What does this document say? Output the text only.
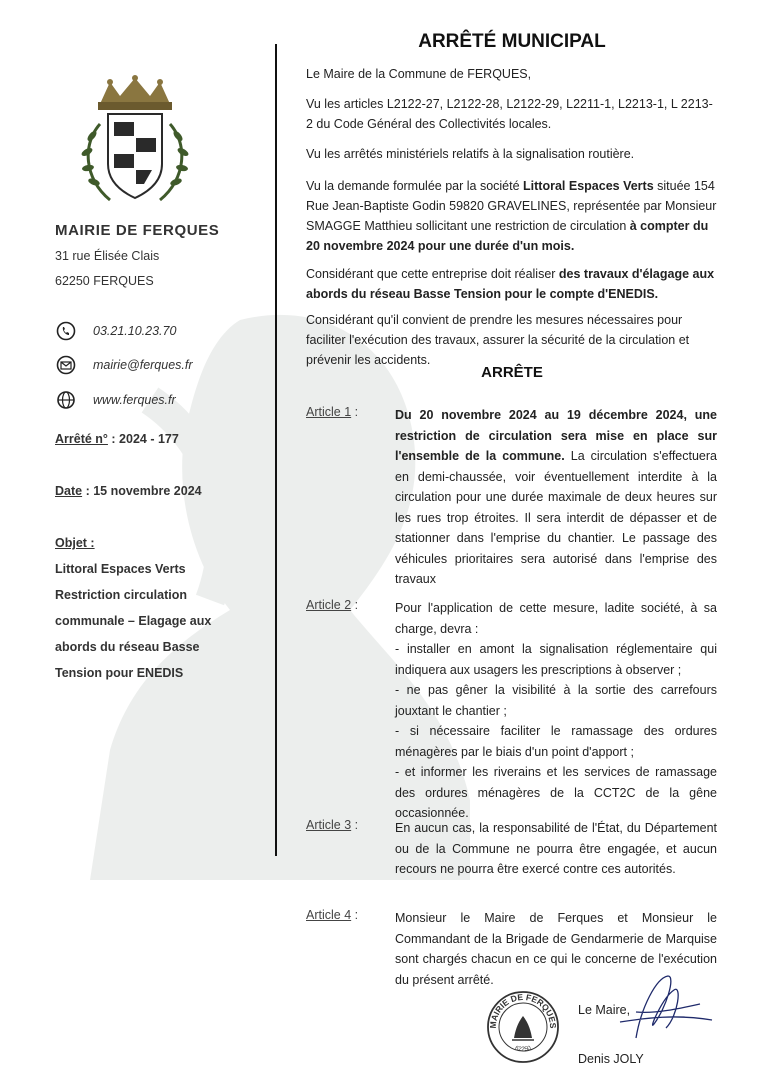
MAIRIE DE FERQUES
31 rue Élisée Clais
62250 FERQUES
03.21.10.23.70
mairie@ferques.fr
www.ferques.fr
Arrêté n° : 2024 - 177
Date : 15 novembre 2024
Objet :
Littoral Espaces Verts
Restriction circulation
communale – Elagage aux
abords du réseau Basse
Tension pour ENEDIS
ARRÊTÉ MUNICIPAL
Le Maire de la Commune de FERQUES,
Vu les articles L2122-27, L2122-28, L2122-29, L2211-1, L2213-1, L 2213-2 du Code Général des Collectivités locales.
Vu les arrêtés ministériels relatifs à la signalisation routière.
Vu la demande formulée par la société Littoral Espaces Verts située 154 Rue Jean-Baptiste Godin 59820 GRAVELINES, représentée par Monsieur SMAGGE Matthieu sollicitant une restriction de circulation à compter du 20 novembre 2024 pour une durée d'un mois.
Considérant que cette entreprise doit réaliser des travaux d'élagage aux abords du réseau Basse Tension pour le compte d'ENEDIS.
Considérant qu'il convient de prendre les mesures nécessaires pour faciliter l'exécution des travaux, assurer la sécurité de la circulation et prévenir les accidents.
ARRÊTE
Article 1 :	Du 20 novembre 2024 au 19 décembre 2024, une restriction de circulation sera mise en place sur l'ensemble de la commune. La circulation s'effectuera en demi-chaussée, voir éventuellement interdite à la circulation pour une durée maximale de deux heures sur les rues trop étroites. Il sera interdit de dépasser et de stationner dans l'emprise du chantier. Le passage des véhicules prioritaires sera autorisé dans l'emprise des travaux
Article 2 :	Pour l'application de cette mesure, ladite société, à sa charge, devra :
- installer en amont la signalisation réglementaire qui indiquera aux usagers les prescriptions à observer ;
- ne pas gêner la visibilité à la sortie des carrefours jouxtant le chantier ;
- si nécessaire faciliter le ramassage des ordures ménagères par le biais d'un point d'apport ;
- et informer les riverains et les services de ramassage des ordures ménagères de la CCT2C de la gêne occasionnée.
Article 3 :	En aucun cas, la responsabilité de l'État, du Département ou de la Commune ne pourra être engagée, et aucun recours ne pourra être exercé contre ces autorités.
Article 4 :	Monsieur le Maire de Ferques et Monsieur le Commandant de la Brigade de Gendarmerie de Marquise sont chargés chacun en ce qui le concerne de l'exécution du présent arrêté.
MAIRIE DE FERQUES
62250
Le Maire,
Denis JOLY
